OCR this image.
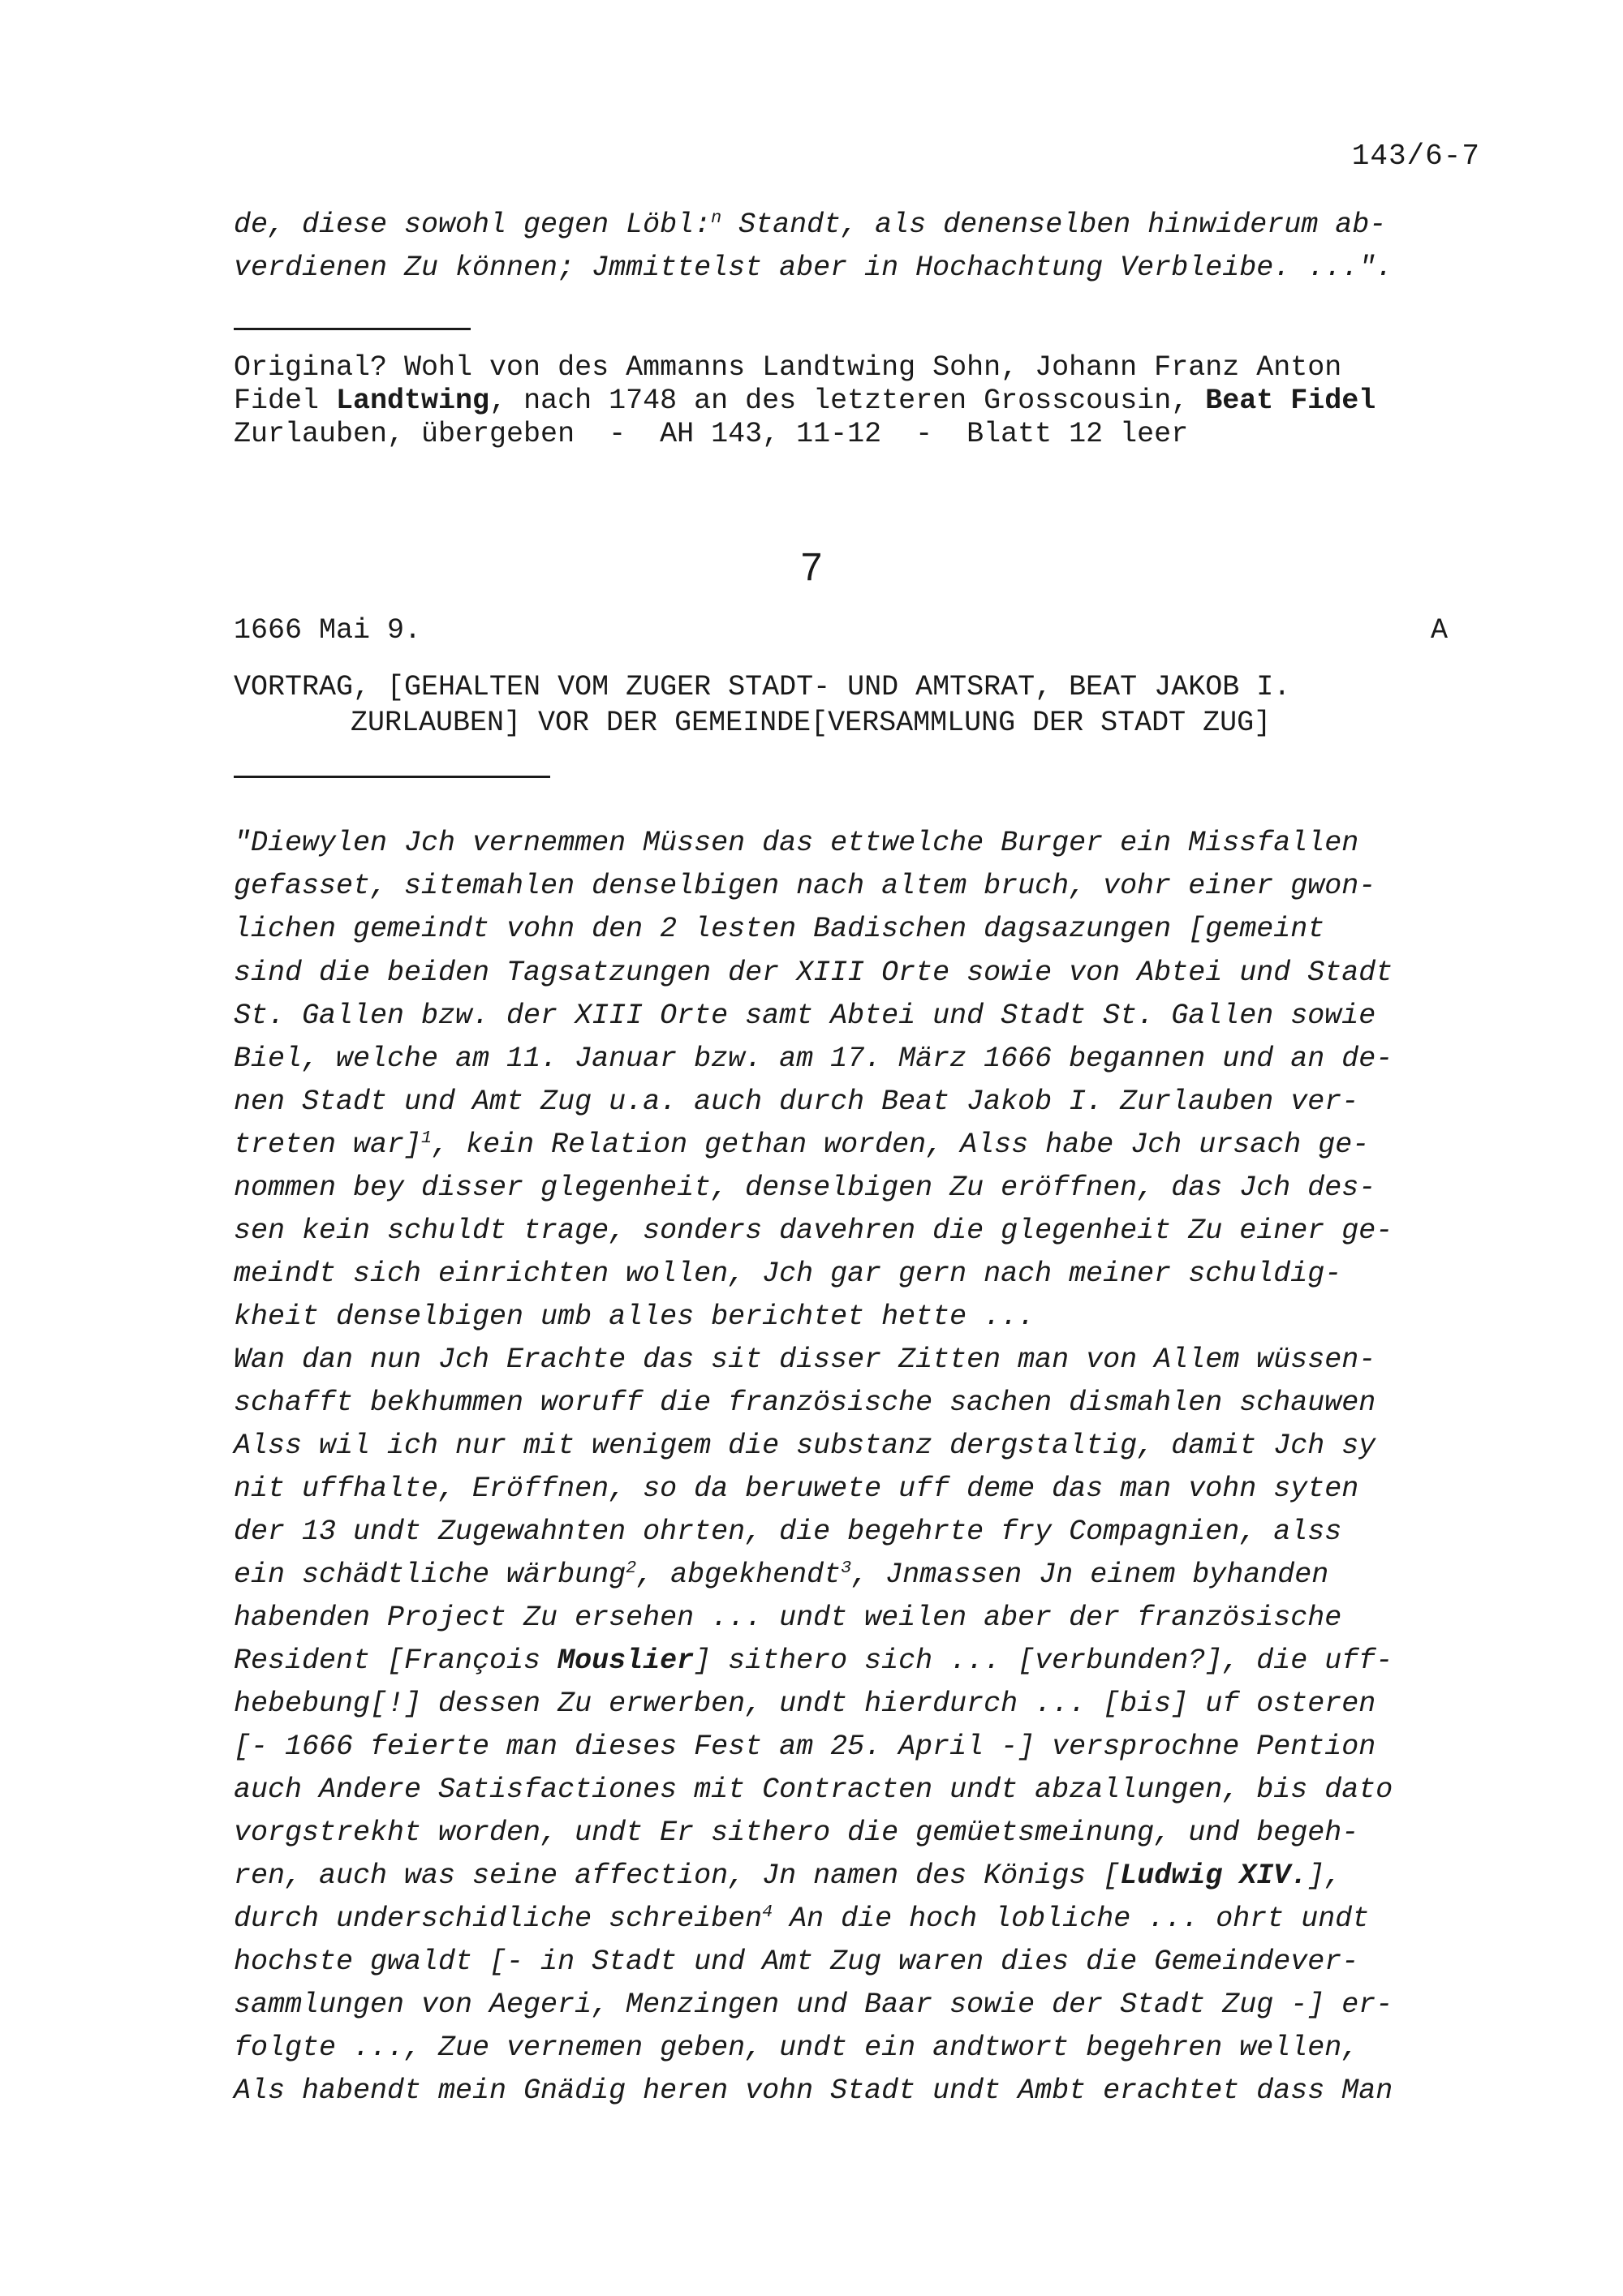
143/6-7
de, diese sowohl gegen Löbl:$^n$ Standt, als denenselben hinwiderum ab-
verdienen Zu können; Jmmittelst aber in Hochachtung Verbleibe. ...".
Original? Wohl von des Ammanns Landtwing Sohn, Johann Franz Anton
Fidel Landtwing, nach 1748 an des letzteren Grosscousin, Beat Fidel
Zurlauben, übergeben  -  AH 143, 11-12  -  Blatt 12 leer
7
1666 Mai 9.	A
VORTRAG, [GEHALTEN VOM ZUGER STADT- UND AMTSRAT, BEAT JAKOB I.
ZURLAUBEN] VOR DER GEMEINDE[VERSAMMLUNG DER STADT ZUG]
"Diewylen Jch vernemmen Müssen das ettwelche Burger ein Missfallen
gefasset, sitemahlen denselbigen nach altem bruch, vohr einer gwon-
lichen gemeindt vohn den 2 lesten Badischen dagsazungen [gemeint
sind die beiden Tagsatzungen der XIII Orte sowie von Abtei und Stadt
St. Gallen bzw. der XIII Orte samt Abtei und Stadt St. Gallen sowie
Biel, welche am 11. Januar bzw. am 17. März 1666 begannen und an de-
nen Stadt und Amt Zug u.a. auch durch Beat Jakob I. Zurlauben ver-
treten war]$^1$, kein Relation gethan worden, Alss habe Jch ursach ge-
nommen bey disser glegenheit, denselbigen Zu eröffnen, das Jch des-
sen kein schuldt trage, sonders davehren die glegenheit Zu einer ge-
meindt sich einrichten wollen, Jch gar gern nach meiner schuldig-
kheit denselbigen umb alles berichtet hette ...
Wan dan nun Jch Erachte das sit disser Zitten man von Allem wüssen-
schafft bekhummen woruff die französische sachen dismahlen schauwen
Alss wil ich nur mit wenigem die substanz dergstaltig, damit Jch sy
nit uffhalte, Eröffnen, so da beruwete uff deme das man vohn syten
der 13 undt Zugewahnten ohrten, die begehrte fry Compagnien, alss
ein schädtliche wärbung$^2$, abgekhendt$^3$, Jnmassen Jn einem byhanden
habenden Project Zu ersehen ... undt weilen aber der französische
Resident [François Mouslier] sithero sich ... [verbunden?], die uff-
hebebung[!] dessen Zu erwerben, undt hierdurch ... [bis] uf osteren
[- 1666 feierte man dieses Fest am 25. April -] versprochne Pention
auch Andere Satisfactiones mit Contracten undt abzallungen, bis dato
vorgstrekht worden, undt Er sithero die gemüetsmeinung, und begeh-
ren, auch was seine affection, Jn namen des Königs [Ludwig XIV.],
durch underschidliche schreiben$^4$ An die hoch lobliche ... ohrt undt
hochste gwaldt [- in Stadt und Amt Zug waren dies die Gemeindever-
sammlungen von Aegeri, Menzingen und Baar sowie der Stadt Zug -] er-
folgte ..., Zue vernemen geben, undt ein andtwort begehren wellen,
Als habendt mein Gnädig heren vohn Stadt undt Ambt erachtet dass Man
